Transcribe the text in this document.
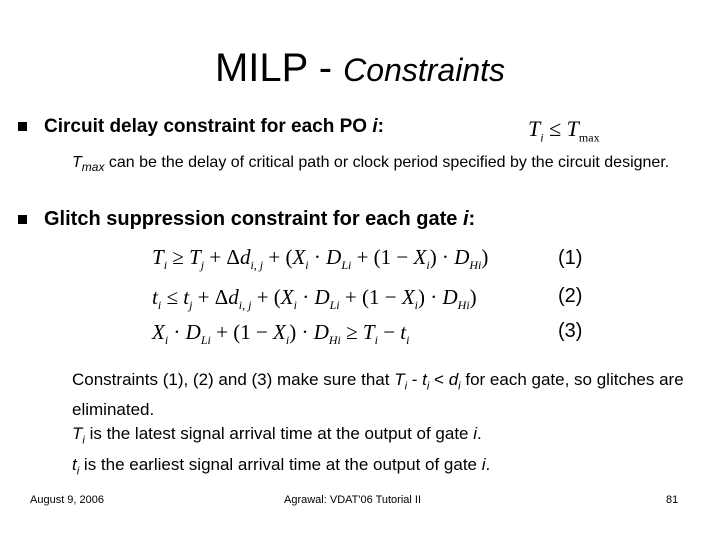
MILP - Constraints
Circuit delay constraint for each PO i:	$T_i \le T_{max}$
$T_{max}$ can be the delay of critical path or clock period specified by the circuit designer.
Glitch suppression constraint for each gate i:
$T_i \ge T_j + \Delta d_{i, j} + (X_i \cdot D_{Li} + (1 - X_i) \cdot D_{Hi})$	(1)
$t_i \le t_j + \Delta d_{i, j} + (X_i \cdot D_{Li} + (1 - X_i) \cdot D_{Hi})$	(2)
$X_i \cdot D_{Li} + (1 - X_i) \cdot D_{Hi} \ge T_i - t_i$	(3)
Constraints (1), (2) and (3) make sure that $T_i - t_i < d_i$ for each gate, so glitches are eliminated.
$T_i$ is the latest signal arrival time at the output of gate i.
$t_i$ is the earliest signal arrival time at the output of gate i.
August 9, 2006	Agrawal: VDAT'06 Tutorial II	81
